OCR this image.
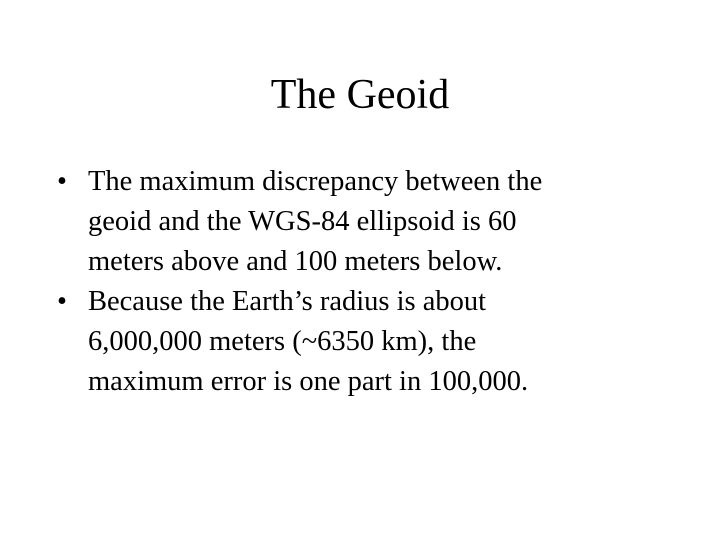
The Geoid
• The maximum discrepancy between the
geoid and the WGS-84 ellipsoid is 60
meters above and 100 meters below.
• Because the Earth’s radius is about
6,000,000 meters (~6350 km), the
maximum error is one part in 100,000.
